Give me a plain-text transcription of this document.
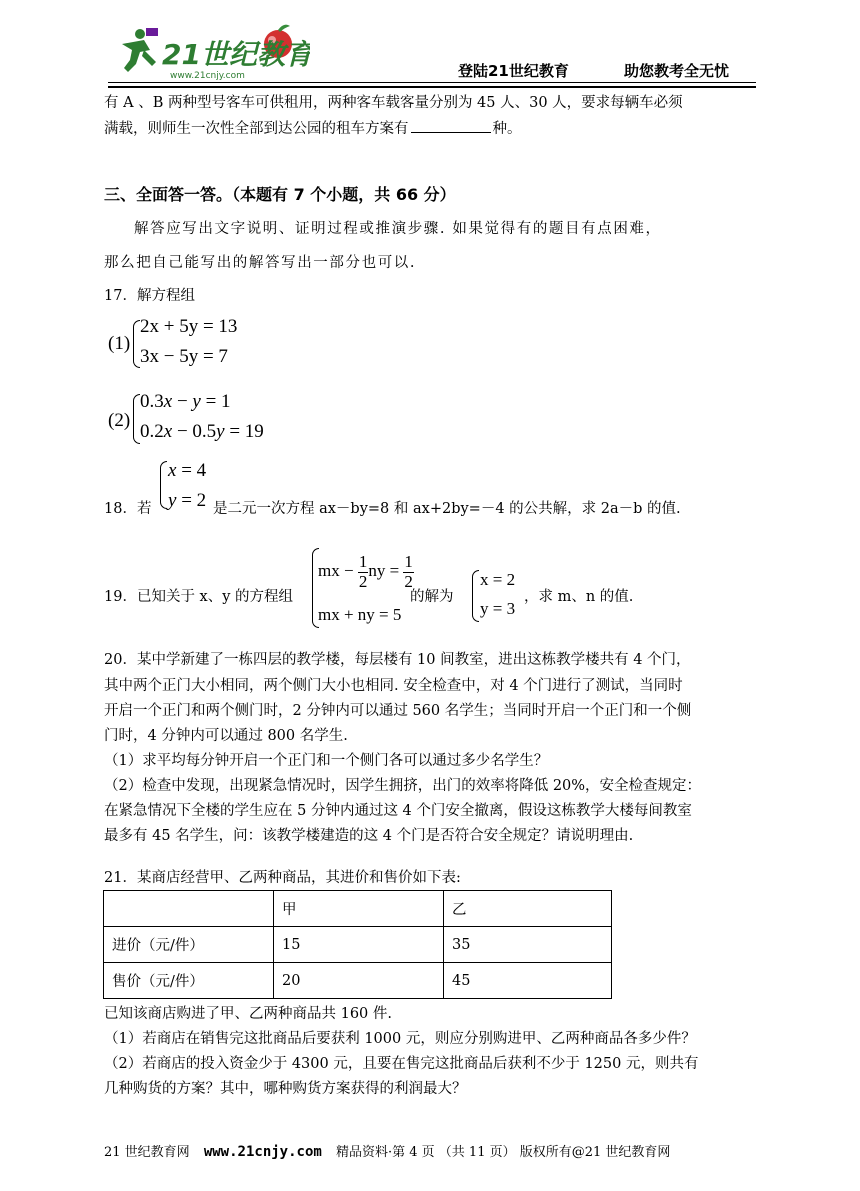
21世纪教育
www.21cnjy.com	登陆21世纪教育	助您教考全无忧
有 A 、B 两种型号客车可供租用，两种客车载客量分别为 45 人、30 人，要求每辆车必须
满载，则师生一次性全部到达公园的租车方案有	种。
三、全面答一答。（本题有 7 个小题，共 66 分）
解答应写出文字说明、证明过程或推演步骤. 如果觉得有的题目有点困难，
那么把自己能写出的解答写出一部分也可以.
17．解方程组
(1)
2x + 5y = 13
3x − 5y = 7
(2)
0.3x − y = 1
0.2x − 0.5y = 19
x = 4
y = 2
18．若	是二元一次方程 ax－by=8 和 ax+2by=－4 的公共解，求 2a－b 的值.
19．已知关于 x、y 的方程组
mx − $\frac{1}{2}$ ny = $\frac{1}{2}$
mx + ny = 5
的解为
x = 2
y = 3
，求 m、n 的值.
20．某中学新建了一栋四层的教学楼，每层楼有 10 间教室，进出这栋教学楼共有 4 个门，
其中两个正门大小相同，两个侧门大小也相同. 安全检查中，对 4 个门进行了测试，当同时
开启一个正门和两个侧门时，2 分钟内可以通过 560 名学生；当同时开启一个正门和一个侧
门时，4 分钟内可以通过 800 名学生.
（1）求平均每分钟开启一个正门和一个侧门各可以通过多少名学生？
（2）检查中发现，出现紧急情况时，因学生拥挤，出门的效率将降低 20%，安全检查规定：
在紧急情况下全楼的学生应在 5 分钟内通过这 4 个门安全撤离，假设这栋教学大楼每间教室
最多有 45 名学生，问：该教学楼建造的这 4 个门是否符合安全规定？请说明理由.
21．某商店经营甲、乙两种商品，其进价和售价如下表:
	甲	乙
进价（元/件）	15	35
售价（元/件）	20	45
已知该商店购进了甲、乙两种商品共 160 件.
（1）若商店在销售完这批商品后要获利 1000 元，则应分别购进甲、乙两种商品各多少件？
（2）若商店的投入资金少于 4300 元，且要在售完这批商品后获利不少于 1250 元，则共有
几种购货的方案？其中，哪种购货方案获得的利润最大？
21 世纪教育网 www.21cnjy.com 精品资料·第 4 页 （共 11 页） 版权所有@21 世纪教育网
